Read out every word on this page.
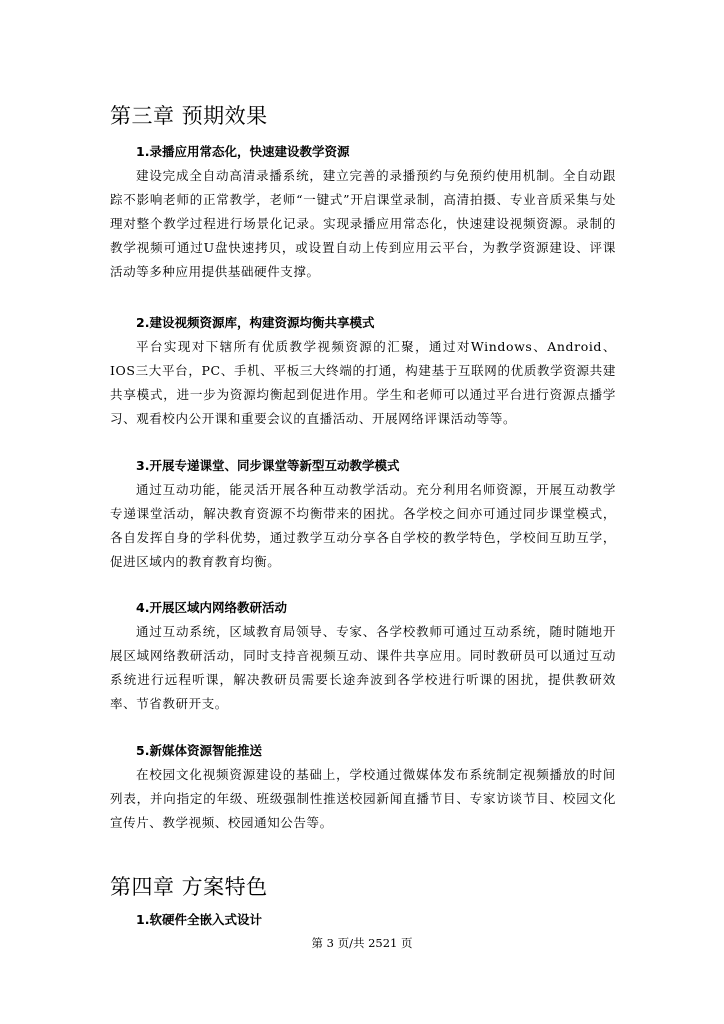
第三章 预期效果
1.录播应用常态化，快速建设教学资源

建设完成全自动高清录播系统，建立完善的录播预约与免预约使用机制。全自动跟踪不影响老师的正常教学，老师“一键式”开启课堂录制，高清拍摄、专业音质采集与处理对整个教学过程进行场景化记录。实现录播应用常态化，快速建设视频资源。录制的教学视频可通过U盘快速拷贝，或设置自动上传到应用云平台，为教学资源建设、评课活动等多种应用提供基础硬件支撑。

2.建设视频资源库，构建资源均衡共享模式

平台实现对下辖所有优质教学视频资源的汇聚，通过对Windows、Android、IOS三大平台，PC、手机、平板三大终端的打通，构建基于互联网的优质教学资源共建共享模式，进一步为资源均衡起到促进作用。学生和老师可以通过平台进行资源点播学习、观看校内公开课和重要会议的直播活动、开展网络评课活动等等。

3.开展专递课堂、同步课堂等新型互动教学模式

通过互动功能，能灵活开展各种互动教学活动。充分利用名师资源，开展互动教学专递课堂活动，解决教育资源不均衡带来的困扰。各学校之间亦可通过同步课堂模式，各自发挥自身的学科优势，通过教学互动分享各自学校的教学特色，学校间互助互学，促进区域内的教育教育均衡。

4.开展区域内网络教研活动

通过互动系统，区域教育局领导、专家、各学校教师可通过互动系统，随时随地开展区域网络教研活动，同时支持音视频互动、课件共享应用。同时教研员可以通过互动系统进行远程听课，解决教研员需要长途奔波到各学校进行听课的困扰，提供教研效率、节省教研开支。

5.新媒体资源智能推送

在校园文化视频资源建设的基础上，学校通过微媒体发布系统制定视频播放的时间列表，并向指定的年级、班级强制性推送校园新闻直播节目、专家访谈节目、校园文化宣传片、教学视频、校园通知公告等。

第四章 方案特色
1.软硬件全嵌入式设计
第 3 页/共 2521 页
